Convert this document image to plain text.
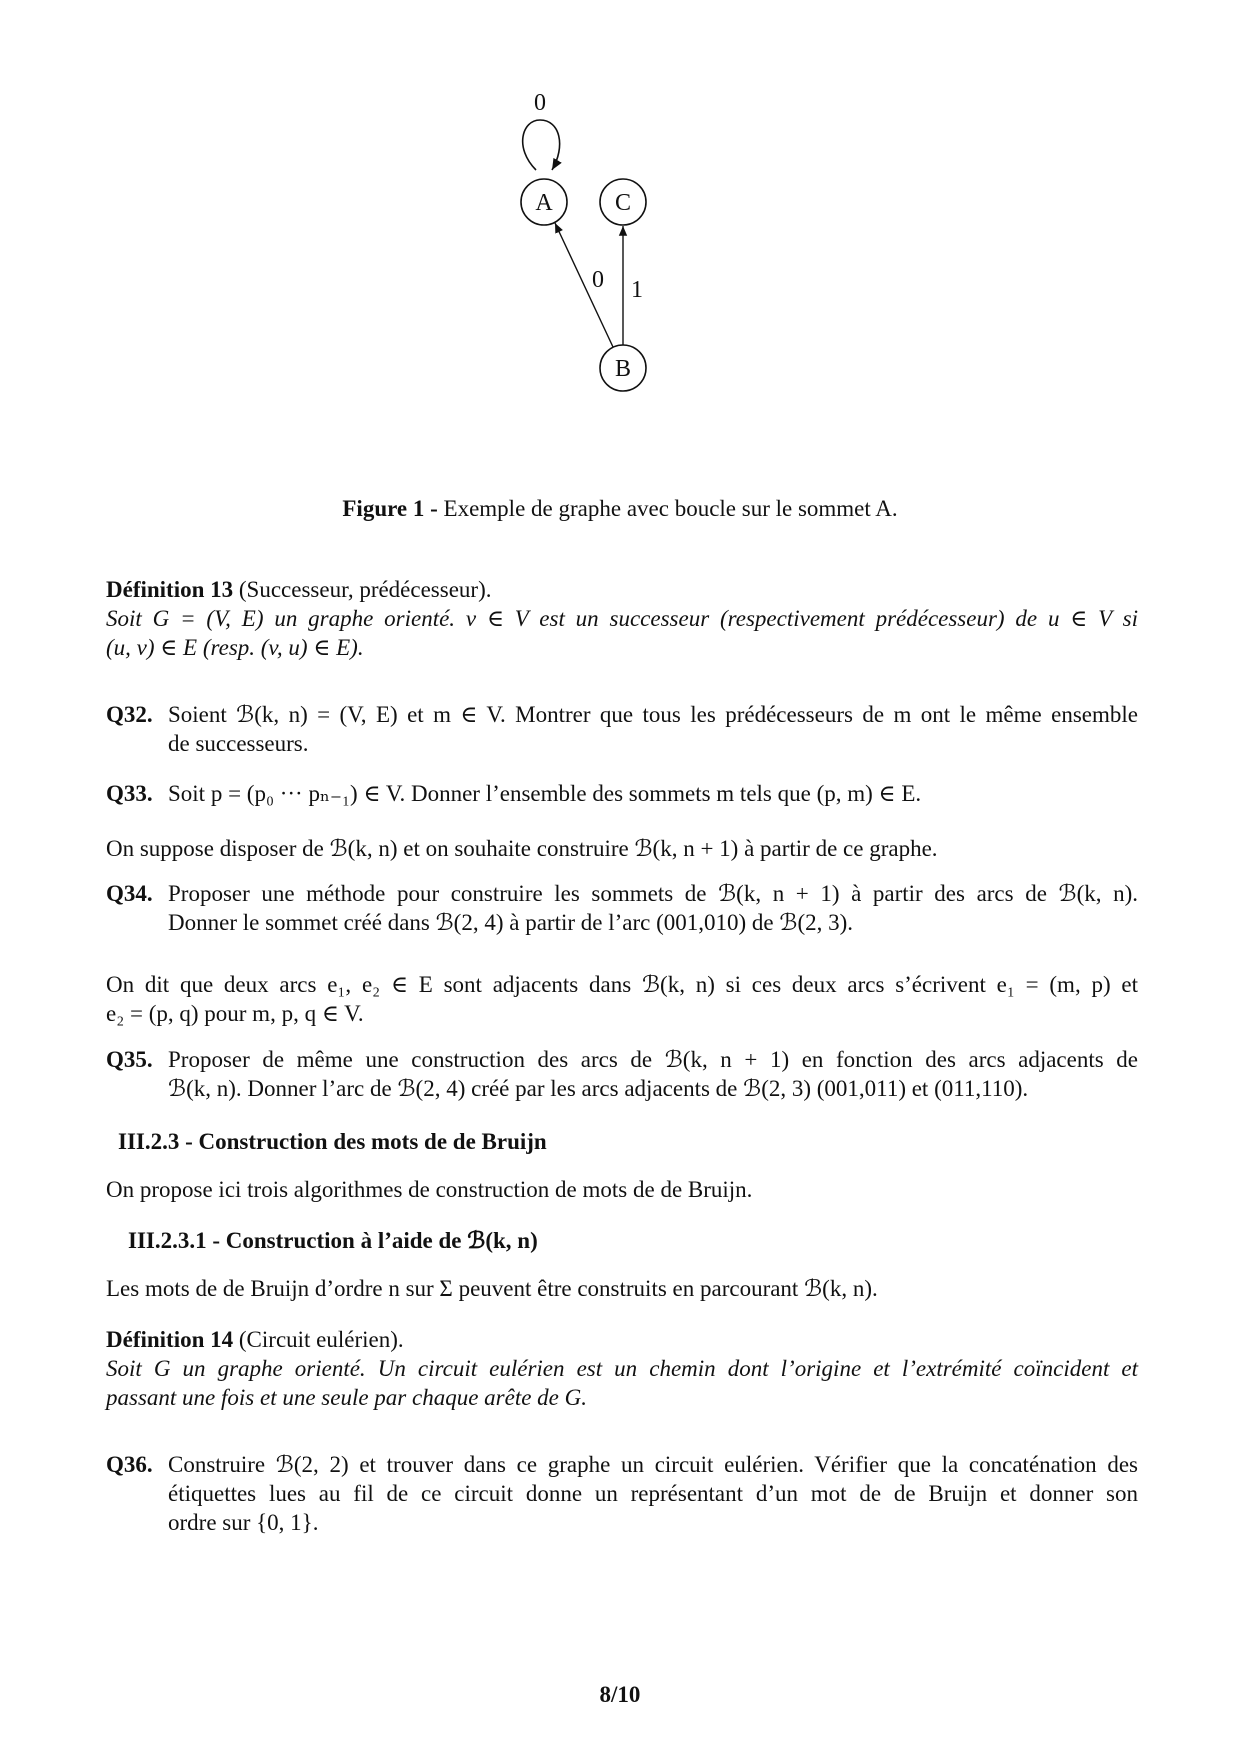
0
A	C
B
0 1
Figure 1 - Exemple de graphe avec boucle sur le sommet A.
Définition 13 (Successeur, prédécesseur).
Soit G = (V, E) un graphe orienté. v ∈ V est un successeur (respectivement prédécesseur) de u ∈ V si
(u, v) ∈ E (resp. (v, u) ∈ E).
Q32. Soient ℬ(k, n) = (V, E) et m ∈ V. Montrer que tous les prédécesseurs de m ont le même ensemble
de successeurs.
Q33. Soit p = (p₀ ··· pₙ₋₁) ∈ V. Donner l’ensemble des sommets m tels que (p, m) ∈ E.
On suppose disposer de ℬ(k, n) et on souhaite construire ℬ(k, n + 1) à partir de ce graphe.
Q34. Proposer une méthode pour construire les sommets de ℬ(k, n + 1) à partir des arcs de ℬ(k, n).
Donner le sommet créé dans ℬ(2, 4) à partir de l’arc (001,010) de ℬ(2, 3).
On dit que deux arcs e₁, e₂ ∈ E sont adjacents dans ℬ(k, n) si ces deux arcs s’écrivent e₁ = (m, p) et
e₂ = (p, q) pour m, p, q ∈ V.
Q35. Proposer de même une construction des arcs de ℬ(k, n + 1) en fonction des arcs adjacents de
ℬ(k, n). Donner l’arc de ℬ(2, 4) créé par les arcs adjacents de ℬ(2, 3) (001,011) et (011,110).
III.2.3 - Construction des mots de de Bruijn
On propose ici trois algorithmes de construction de mots de de Bruijn.
III.2.3.1 - Construction à l’aide de ℬ(k, n)
Les mots de de Bruijn d’ordre n sur Σ peuvent être construits en parcourant ℬ(k, n).
Définition 14 (Circuit eulérien).
Soit G un graphe orienté. Un circuit eulérien est un chemin dont l’origine et l’extrémité coïncident et
passant une fois et une seule par chaque arête de G.
Q36. Construire ℬ(2, 2) et trouver dans ce graphe un circuit eulérien. Vérifier que la concaténation des
étiquettes lues au fil de ce circuit donne un représentant d’un mot de de Bruijn et donner son
ordre sur {0, 1}.
8/10
